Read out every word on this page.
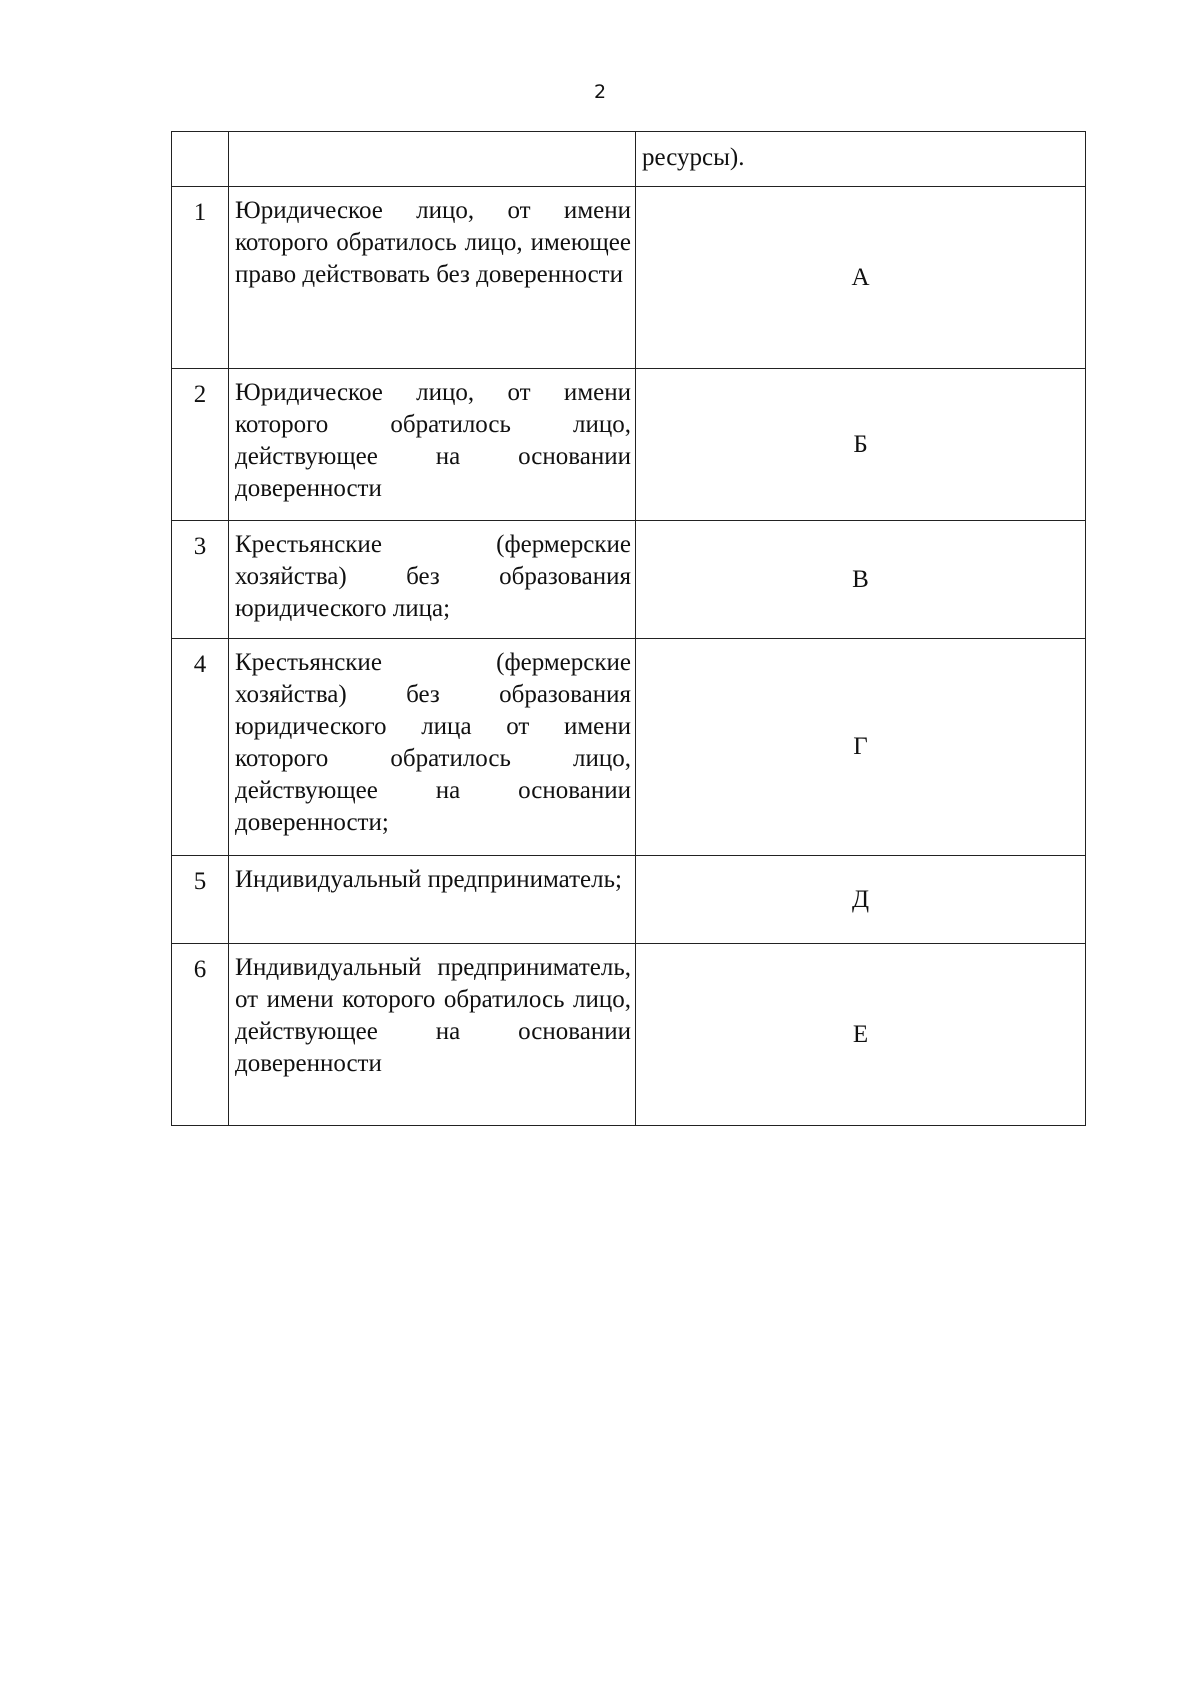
2
		ресурсы).
1	Юридическое лицо, от имени которого обратилось лицо, имеющее право действовать без доверенности	А
2	Юридическое лицо, от имени которого обратилось лицо, действующее на основании доверенности	Б
3	Крестьянские (фермерские хозяйства) без образования юридического лица;	В
4	Крестьянские (фермерские хозяйства) без образования юридического лица от имени которого обратилось лицо, действующее на основании доверенности;	Г
5	Индивидуальный предприниматель;	Д
6	Индивидуальный предприниматель, от имени которого обратилось лицо, действующее на основании доверенности	Е
